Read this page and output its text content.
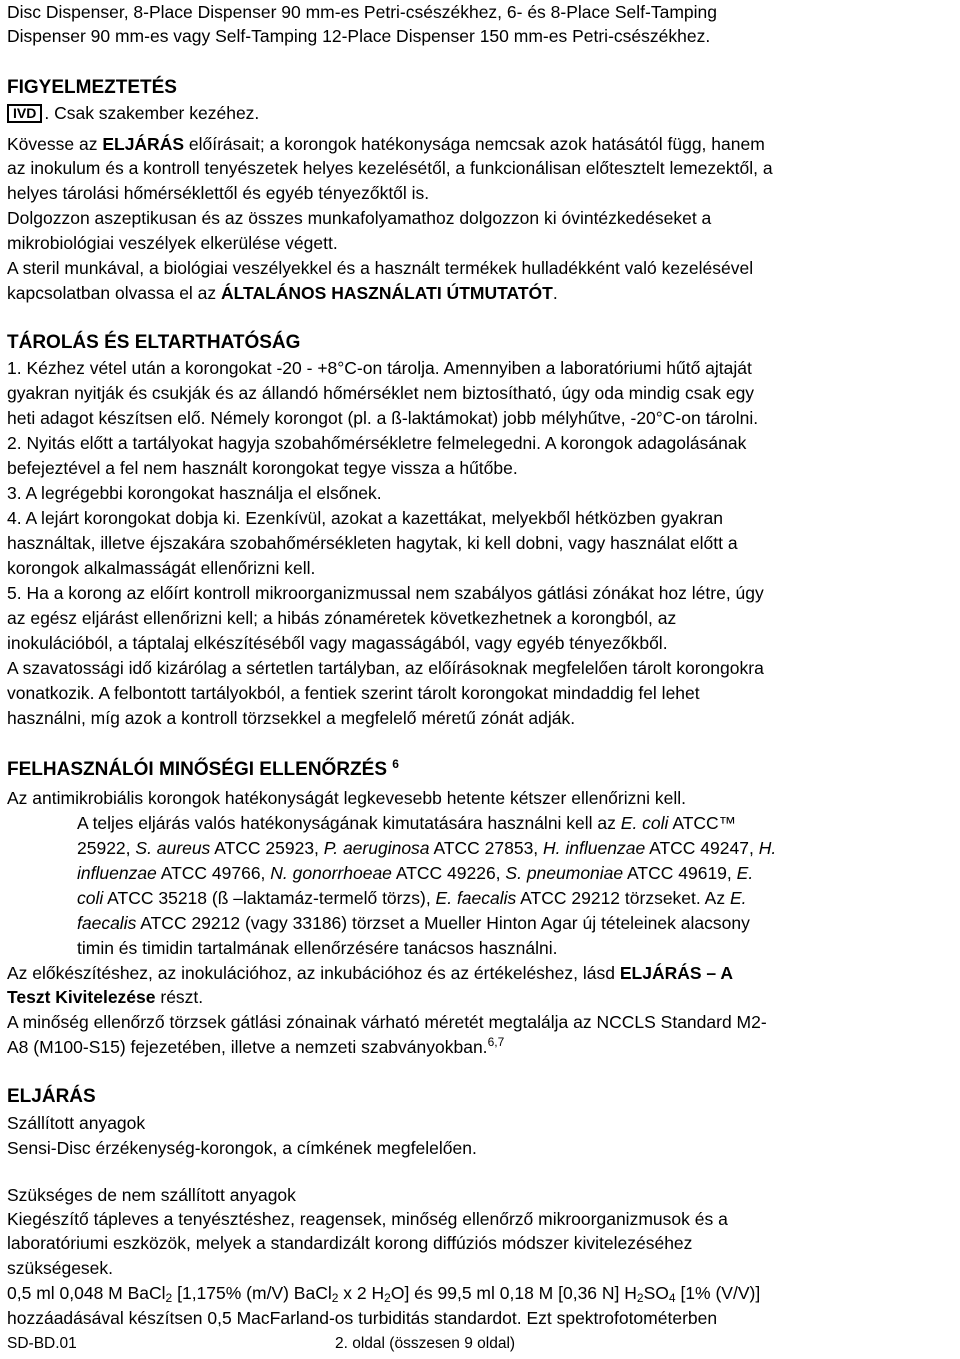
Disc Dispenser, 8-Place Dispenser 90 mm-es Petri-csészékhez, 6- és 8-Place Self-Tamping
Dispenser 90 mm-es vagy Self-Tamping 12-Place Dispenser 150 mm-es Petri-csészékhez.
FIGYELMEZTETÉS
IVD . Csak szakember kezéhez.
Kövesse az ELJÁRÁS előírásait; a korongok hatékonysága nemcsak azok hatásától függ, hanem
az inokulum és a kontroll tenyészetek helyes kezelésétől, a funkcionálisan előtesztelt lemezektől, a
helyes tárolási hőmérséklettől és egyéb tényezőktől is.
Dolgozzon aszeptikusan és az összes munkafolyamathoz dolgozzon ki óvintézkedéseket a
mikrobiológiai veszélyek elkerülése végett.
A steril munkával, a biológiai veszélyekkel és a használt termékek hulladékként való kezelésével
kapcsolatban olvassa el az ÁLTALÁNOS HASZNÁLATI ÚTMUTATÓT.
TÁROLÁS ÉS ELTARTHATÓSÁG
1. Kézhez vétel után a korongokat -20 - +8°C-on tárolja. Amennyiben a laboratóriumi hűtő ajtaját
gyakran nyitják és csukják és az állandó hőmérséklet nem biztosítható, úgy oda mindig csak egy
heti adagot készítsen elő. Némely korongot (pl. a ß-laktámokat) jobb mélyhűtve, -20°C-on tárolni.
2. Nyitás előtt a tartályokat hagyja szobahőmérsékletre felmelegedni. A korongok adagolásának
befejeztével a fel nem használt korongokat tegye vissza a hűtőbe.
3. A legrégebbi korongokat használja el elsőnek.
4. A lejárt korongokat dobja ki. Ezenkívül, azokat a kazettákat, melyekből hétközben gyakran
használtak, illetve éjszakára szobahőmérsékleten hagytak, ki kell dobni, vagy használat előtt a
korongok alkalmasságát ellenőrizni kell.
5. Ha a korong az előírt kontroll mikroorganizmussal nem szabályos gátlási zónákat hoz létre, úgy
az egész eljárást ellenőrizni kell; a hibás zónaméretek következhetnek a korongból, az
inokulációból, a táptalaj elkészítéséből vagy magasságából, vagy egyéb tényezőkből.
A szavatossági idő kizárólag a sértetlen tartályban, az előírásoknak megfelelően tárolt korongokra
vonatkozik. A felbontott tartályokból, a fentiek szerint tárolt korongokat mindaddig fel lehet
használni, míg azok a kontroll törzsekkel a megfelelő méretű zónát adják.
FELHASZNÁLÓI MINŐSÉGI ELLENŐRZÉS $^6$
Az antimikrobiális korongok hatékonyságát legkevesebb hetente kétszer ellenőrizni kell.
A teljes eljárás valós hatékonyságának kimutatására használni kell az E. coli ATCC™
25922, S. aureus ATCC 25923, P. aeruginosa ATCC 27853, H. influenzae ATCC 49247, H.
influenzae ATCC 49766, N. gonorrhoeae ATCC 49226, S. pneumoniae ATCC 49619, E.
coli ATCC 35218 (ß –laktamáz-termelő törzs), E. faecalis ATCC 29212 törzseket. Az E.
faecalis ATCC 29212 (vagy 33186) törzset a Mueller Hinton Agar új tételeinek alacsony
timin és timidin tartalmának ellenőrzésére tanácsos használni.
Az előkészítéshez, az inokulációhoz, az inkubációhoz és az értékeléshez, lásd ELJÁRÁS – A
Teszt Kivitelezése részt.
A minőség ellenőrző törzsek gátlási zónainak várható méretét megtalálja az NCCLS Standard M2-
A8 (M100-S15) fejezetében, illetve a nemzeti szabványokban.$^{6,7}$
ELJÁRÁS
Szállított anyagok
Sensi-Disc érzékenység-korongok, a címkének megfelelően.
Szükséges de nem szállított anyagok
Kiegészítő tápleves a tenyésztéshez, reagensek, minőség ellenőrző mikroorganizmusok és a
laboratóriumi eszközök, melyek a standardizált korong diffúziós módszer kivitelezéséhez
szükségesek.
0,5 ml 0,048 M BaCl$_2$ [1,175% (m/V) BaCl$_2$ x 2 $H_2O$] és 99,5 ml 0,18 M [0,36 N] $H_2SO_4$ [1% (V/V)]
hozzáadásával készítsen 0,5 MacFarland-os turbiditás standardot. Ezt spektrofotométerben
SD-BD.01	2. oldal (összesen 9 oldal)
